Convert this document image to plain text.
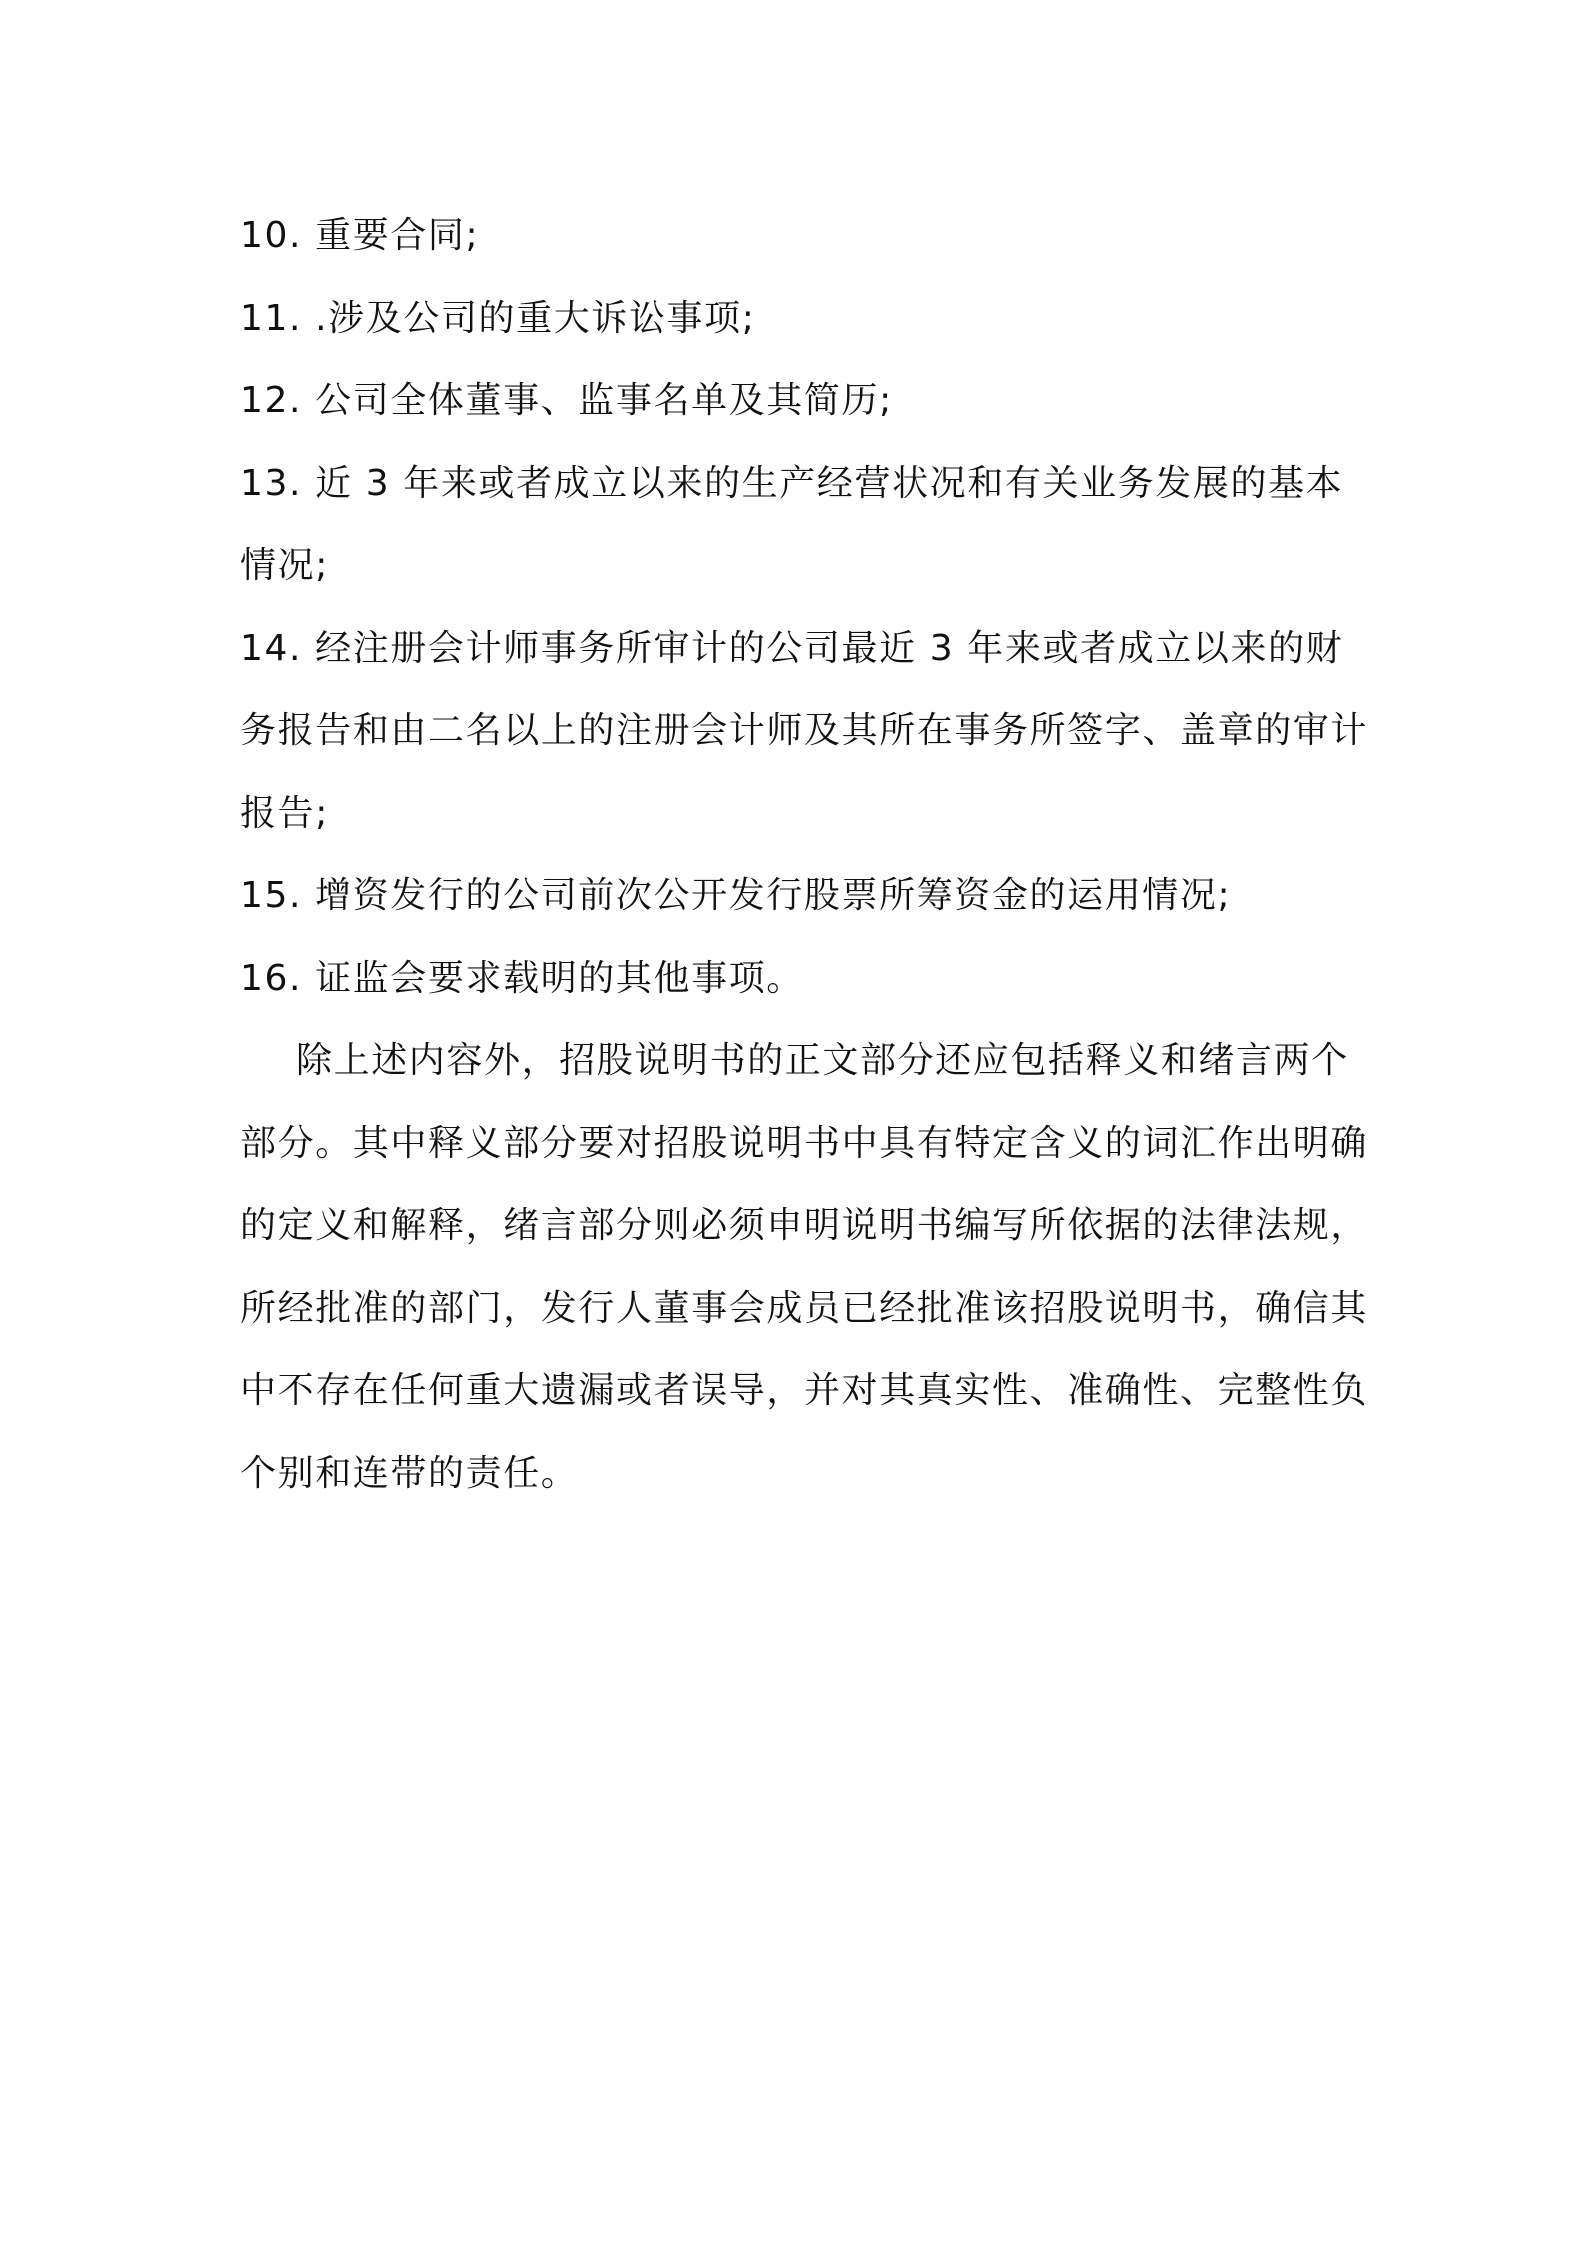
10. 重要合同;
11. .涉及公司的重大诉讼事项;
12. 公司全体董事、监事名单及其简历;
13. 近 3 年来或者成立以来的生产经营状况和有关业务发展的基本
情况;
14. 经注册会计师事务所审计的公司最近 3 年来或者成立以来的财
务报告和由二名以上的注册会计师及其所在事务所签字、盖章的审计
报告;
15. 增资发行的公司前次公开发行股票所筹资金的运用情况;
16. 证监会要求载明的其他事项。
除上述内容外，招股说明书的正文部分还应包括释义和绪言两个
部分。其中释义部分要对招股说明书中具有特定含义的词汇作出明确
的定义和解释，绪言部分则必须申明说明书编写所依据的法律法规，
所经批准的部门，发行人董事会成员已经批准该招股说明书，确信其
中不存在任何重大遗漏或者误导，并对其真实性、准确性、完整性负
个别和连带的责任。
